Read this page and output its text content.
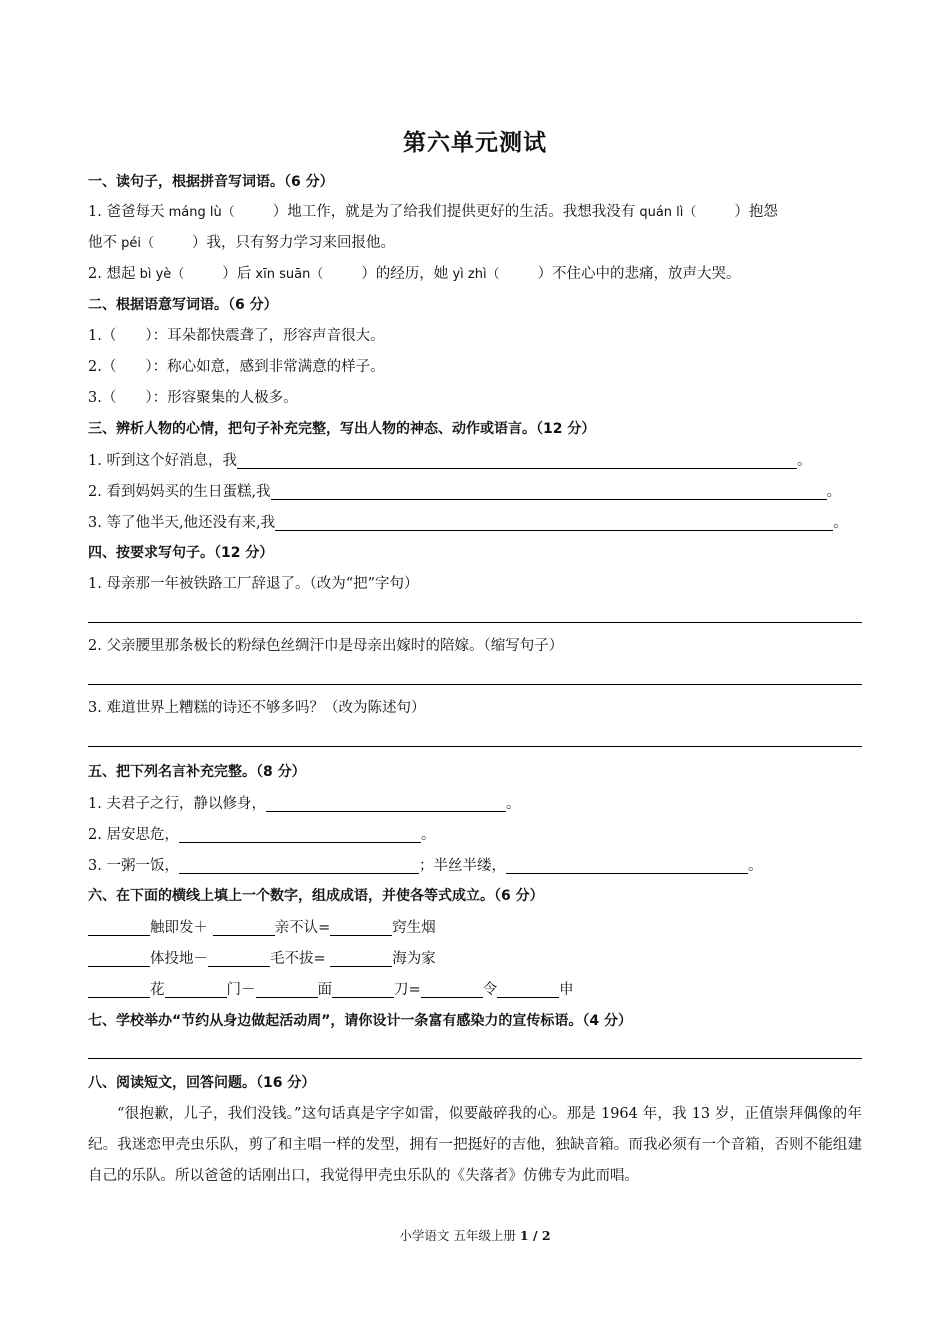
第六单元测试
一、读句子，根据拼音写词语。（6 分）
1. 爸爸每天 máng lù（	）地工作，就是为了给我们提供更好的生活。我想我没有 quán lì（	）抱怨
他不 péi（	）我，只有努力学习来回报他。
2. 想起 bì yè（	）后 xīn suān（	）的经历，她 yì zhì（	）不住心中的悲痛，放声大哭。
二、根据语意写词语。（6 分）
1.（　　）：耳朵都快震聋了，形容声音很大。
2.（　　）：称心如意，感到非常满意的样子。
3.（　　）：形容聚集的人极多。
三、辨析人物的心情，把句子补充完整，写出人物的神态、动作或语言。（12 分）
1. 听到这个好消息，我	。
2. 看到妈妈买的生日蛋糕,我	。
3. 等了他半天,他还没有来,我	。
四、按要求写句子。（12 分）
1. 母亲那一年被铁路工厂辞退了。（改为“把”字句）
2. 父亲腰里那条极长的粉绿色丝绸汗巾是母亲出嫁时的陪嫁。（缩写句子）
3. 难道世界上糟糕的诗还不够多吗？（改为陈述句）
五、把下列名言补充完整。（8 分）
1. 夫君子之行，静以修身，	。
2. 居安思危，	。
3. 一粥一饭，	；半丝半缕，	。
六、在下面的横线上填上一个数字，组成成语，并使各等式成立。（6 分）
触即发＋	亲不认=	窍生烟
体投地－	毛不拔=	海为家
花	门－	面	刀=	令	申
七、学校举办“节约从身边做起活动周”，请你设计一条富有感染力的宣传标语。（4 分）
八、阅读短文，回答问题。（16 分）
“很抱歉，儿子，我们没钱。”这句话真是字字如雷，似要敲碎我的心。那是 1964 年，我 13 岁，正值崇拜偶像的年纪。我迷恋甲壳虫乐队，剪了和主唱一样的发型，拥有一把挺好的吉他，独缺音箱。而我必须有一个音箱，否则不能组建自己的乐队。所以爸爸的话刚出口，我觉得甲壳虫乐队的《失落者》仿佛专为此而唱。
小学语文 五年级上册 1 / 2
